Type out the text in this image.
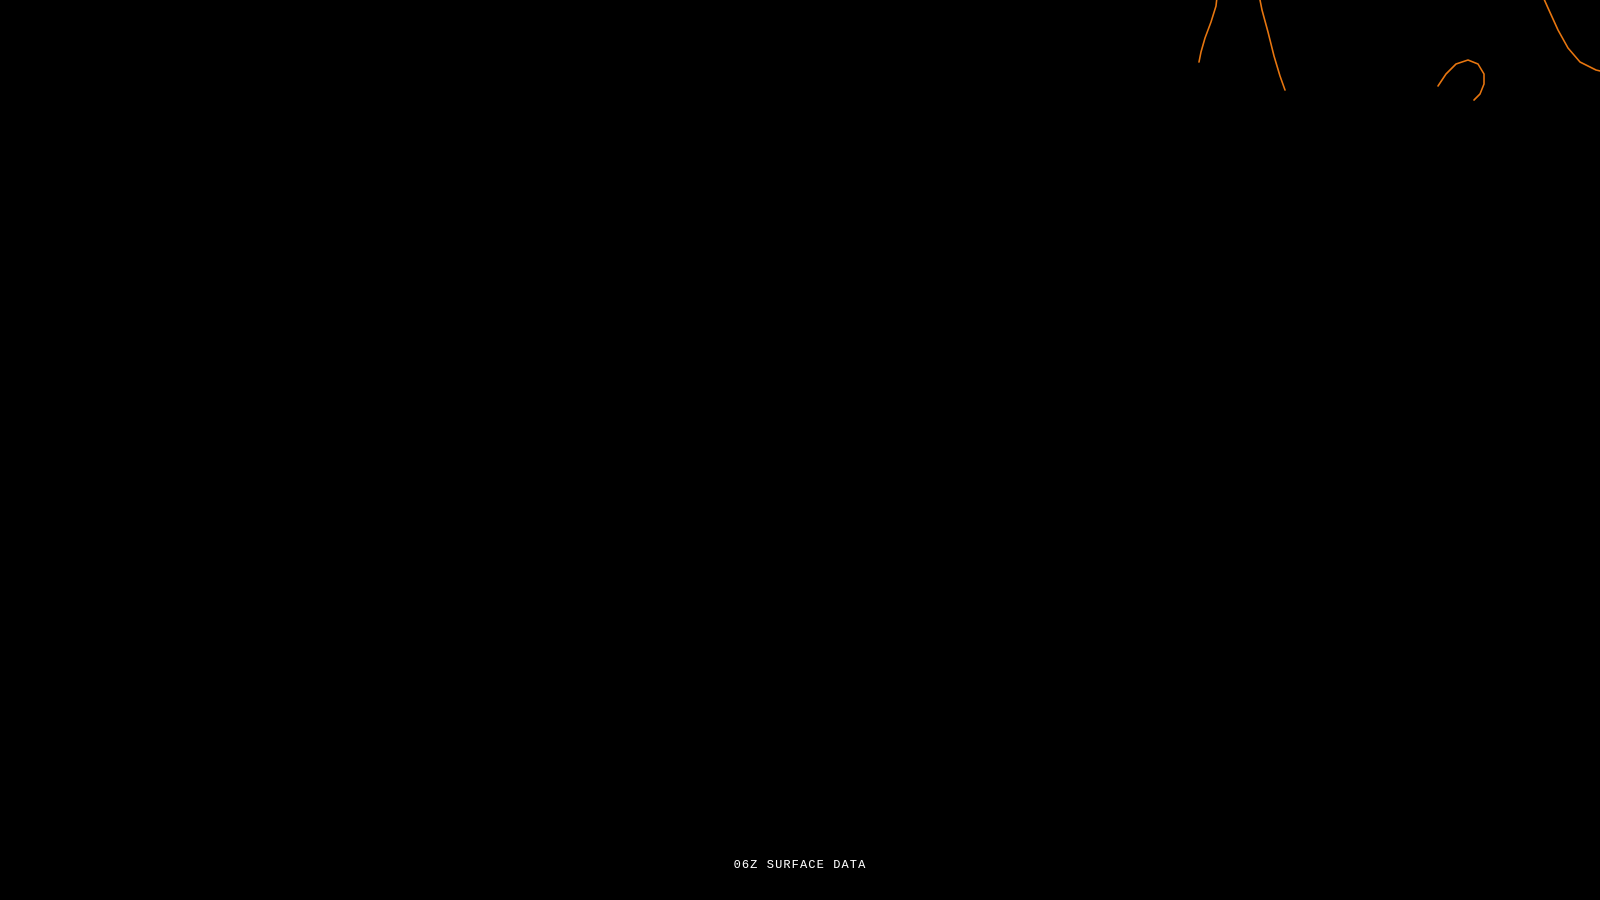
06Z SURFACE DATA
